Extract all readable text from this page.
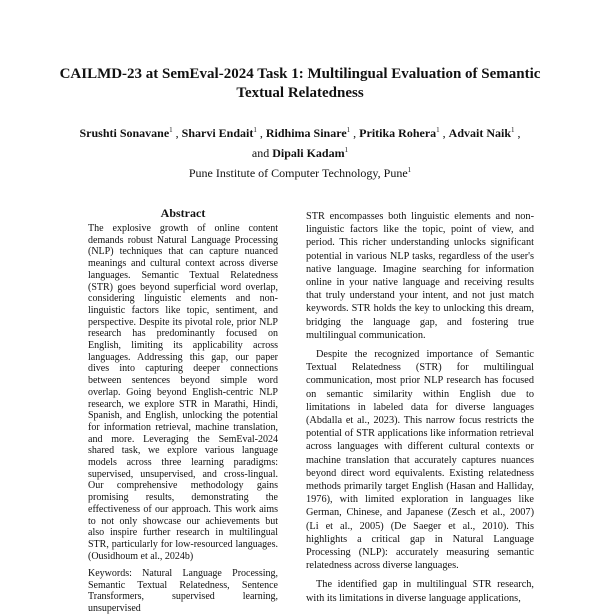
CAILMD-23 at SemEval-2024 Task 1: Multilingual Evaluation of Semantic Textual Relatedness
Srushti Sonavane$^1$ , Sharvi Endait$^1$ , Ridhima Sinare$^1$ , Pritika Rohera$^1$ , Advait Naik$^1$ ,
and Dipali Kadam$^1$
Pune Institute of Computer Technology, Pune$^1$
Abstract
The explosive growth of online content demands robust Natural Language Processing (NLP) techniques that can capture nuanced meanings and cultural context across diverse languages. Semantic Textual Relatedness (STR) goes beyond superficial word overlap, considering linguistic elements and non-linguistic factors like topic, sentiment, and perspective. Despite its pivotal role, prior NLP research has predominantly focused on English, limiting its applicability across languages. Addressing this gap, our paper dives into capturing deeper connections between sentences beyond simple word overlap. Going beyond English-centric NLP research, we explore STR in Marathi, Hindi, Spanish, and English, unlocking the potential for information retrieval, machine translation, and more. Leveraging the SemEval-2024 shared task, we explore various language models across three learning paradigms: supervised, unsupervised, and cross-lingual. Our comprehensive methodology gains promising results, demonstrating the effectiveness of our approach. This work aims to not only showcase our achievements but also inspire further research in multilingual STR, particularly for low-resourced languages. (Ousidhoum et al., 2024b)
Keywords: Natural Language Processing, Semantic Textual Relatedness, Sentence Transformers, supervised learning, unsupervised

STR encompasses both linguistic elements and non-linguistic factors like the topic, point of view, and period. This richer understanding unlocks significant potential in various NLP tasks, regardless of the user's native language. Imagine searching for information online in your native language and receiving results that truly understand your intent, and not just match keywords. STR holds the key to unlocking this dream, bridging the language gap, and fostering true multilingual communication.

Despite the recognized importance of Semantic Textual Relatedness (STR) for multilingual communication, most prior NLP research has focused on semantic similarity within English due to limitations in labeled data for diverse languages (Abdalla et al., 2023). This narrow focus restricts the potential of STR applications like information retrieval across languages with different cultural contexts or machine translation that accurately captures nuances beyond direct word equivalents. Existing relatedness methods primarily target English (Hasan and Halliday, 1976), with limited exploration in languages like German, Chinese, and Japanese (Zesch et al., 2007) (Li et al., 2005) (De Saeger et al., 2010). This highlights a critical gap in Natural Language Processing (NLP): accurately measuring semantic relatedness across diverse languages.

The identified gap in multilingual STR research, with its limitations in diverse language applications,
